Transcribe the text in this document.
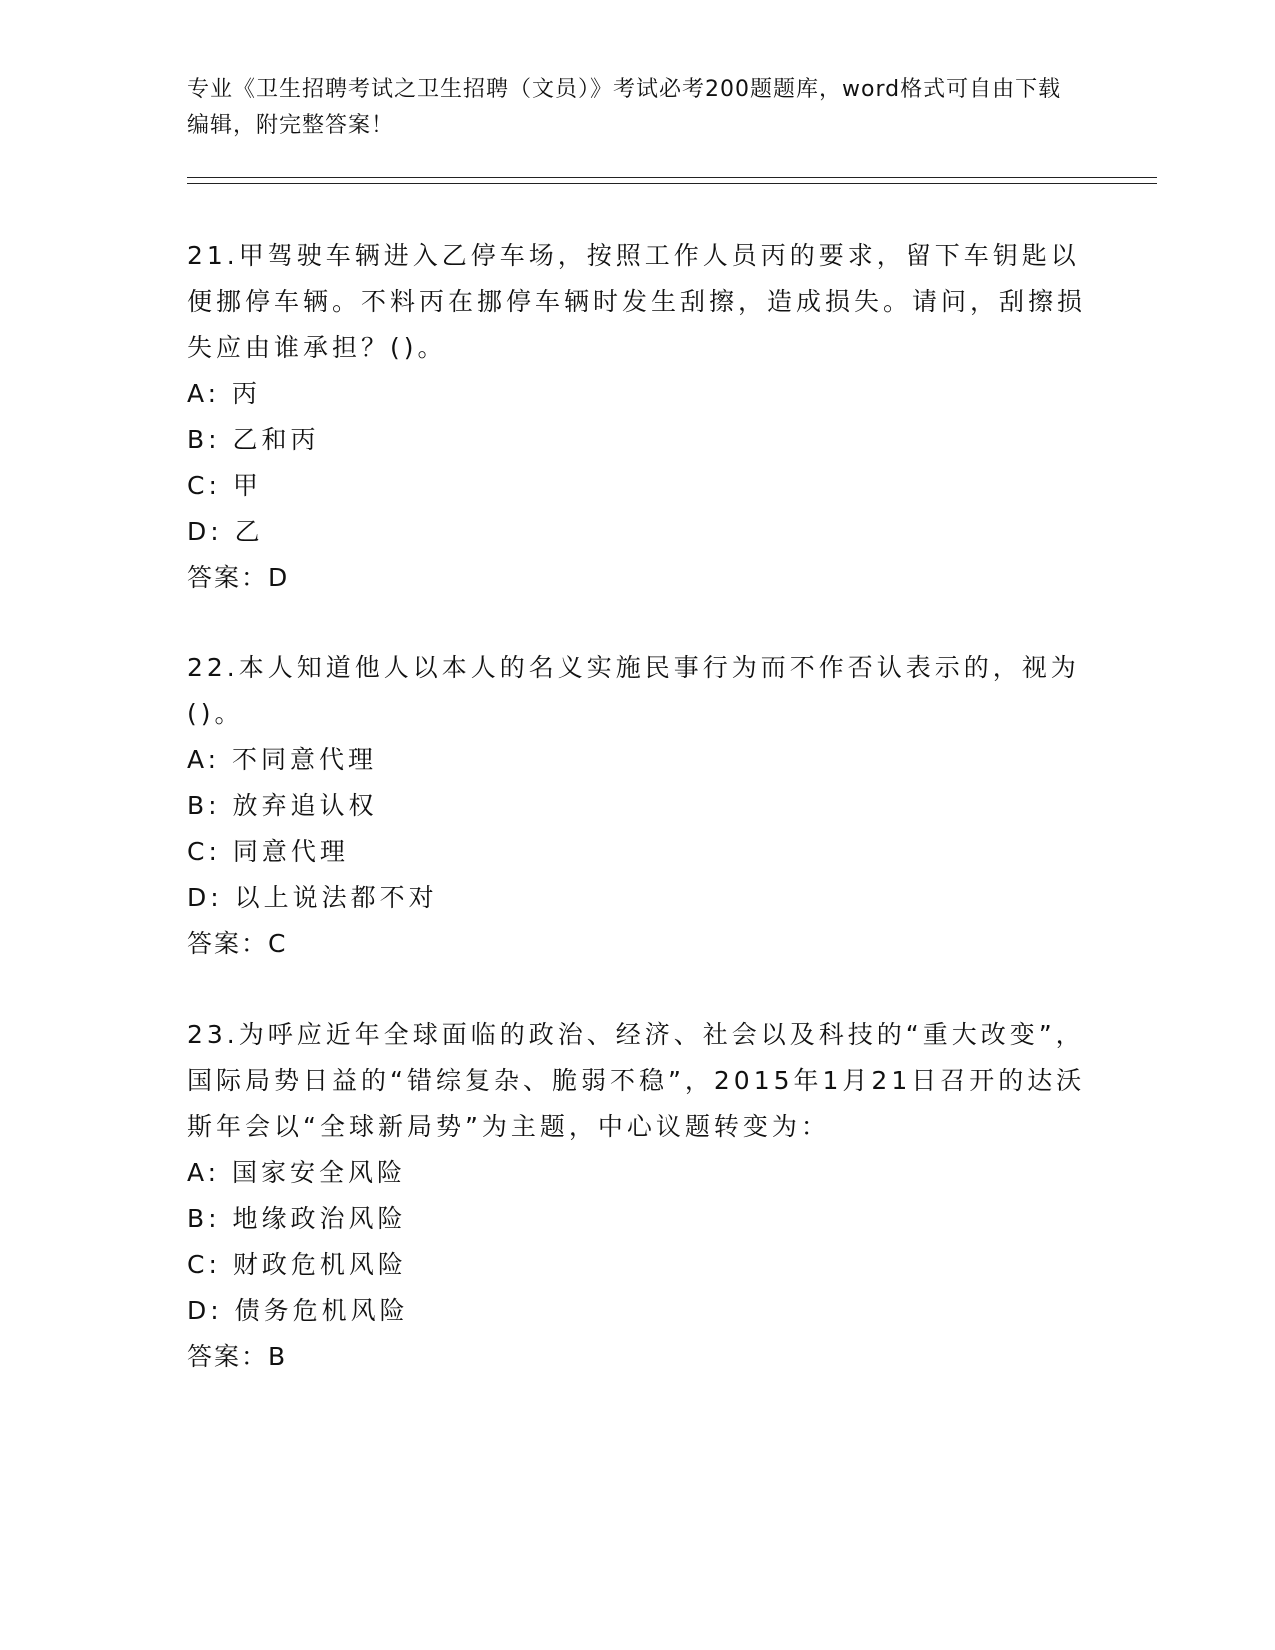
专业《卫生招聘考试之卫生招聘（文员）》考试必考200题题库，word格式可自由下载编辑，附完整答案！

21.甲驾驶车辆进入乙停车场，按照工作人员丙的要求，留下车钥匙以便挪停车辆。不料丙在挪停车辆时发生刮擦，造成损失。请问，刮擦损失应由谁承担？()。

A: 丙

B: 乙和丙

C: 甲

D: 乙

答案：D

22.本人知道他人以本人的名义实施民事行为而不作否认表示的，视为()。

A: 不同意代理

B: 放弃追认权

C: 同意代理

D: 以上说法都不对

答案：C

23.为呼应近年全球面临的政治、经济、社会以及科技的“重大改变”，国际局势日益的“错综复杂、脆弱不稳”，2015年1月21日召开的达沃斯年会以“全球新局势”为主题，中心议题转变为：

A: 国家安全风险

B: 地缘政治风险

C: 财政危机风险

D: 债务危机风险

答案：B
